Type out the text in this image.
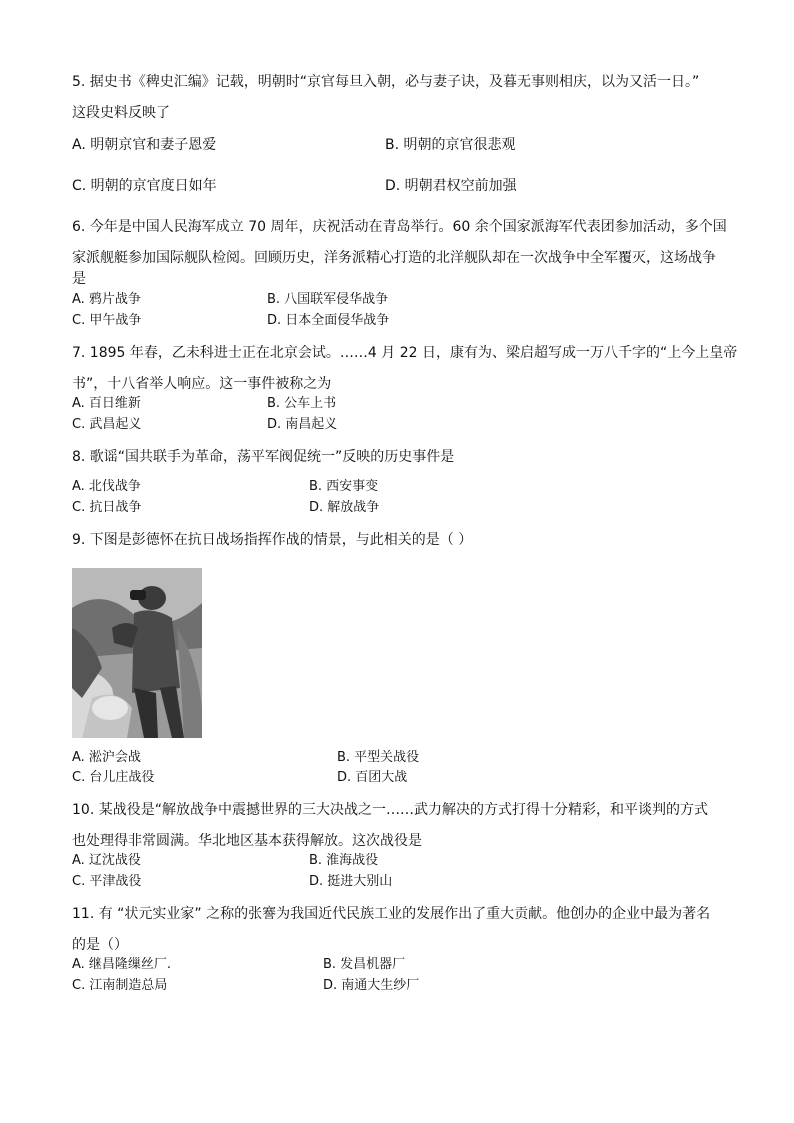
5. 据史书《稗史汇编》记载，明朝时“京官每旦入朝，必与妻子诀，及暮无事则相庆，以为又活一日。”
这段史料反映了
A. 明朝京官和妻子恩爱	B. 明朝的京官很悲观
C. 明朝的京官度日如年	D. 明朝君权空前加强
6. 今年是中国人民海军成立 70 周年，庆祝活动在青岛举行。60 余个国家派海军代表团参加活动，多个国
家派舰艇参加国际舰队检阅。回顾历史，洋务派精心打造的北洋舰队却在一次战争中全军覆灭，这场战争
是
A. 鸦片战争	B. 八国联军侵华战争
C. 甲午战争	D. 日本全面侵华战争
7. 1895 年春，乙未科进士正在北京会试。……4 月 22 日，康有为、梁启超写成一万八千字的“上今上皇帝
书”，十八省举人响应。这一事件被称之为
A. 百日维新	B. 公车上书
C. 武昌起义	D. 南昌起义
8. 歌谣“国共联手为革命，荡平军阀促统一”反映的历史事件是
A. 北伐战争	B. 西安事变
C. 抗日战争	D. 解放战争
9. 下图是彭德怀在抗日战场指挥作战的情景，与此相关的是（ ）
A. 淞沪会战	B. 平型关战役
C. 台儿庄战役	D. 百团大战
10. 某战役是“解放战争中震撼世界的三大决战之一……武力解决的方式打得十分精彩，和平谈判的方式
也处理得非常圆满。华北地区基本获得解放。这次战役是
A. 辽沈战役	B. 淮海战役
C. 平津战役	D. 挺进大别山
11. 有 “状元实业家” 之称的张謇为我国近代民族工业的发展作出了重大贡献。他创办的企业中最为著名
的是（）
A. 继昌隆缫丝厂.	B. 发昌机器厂
C. 江南制造总局	D. 南通大生纱厂
